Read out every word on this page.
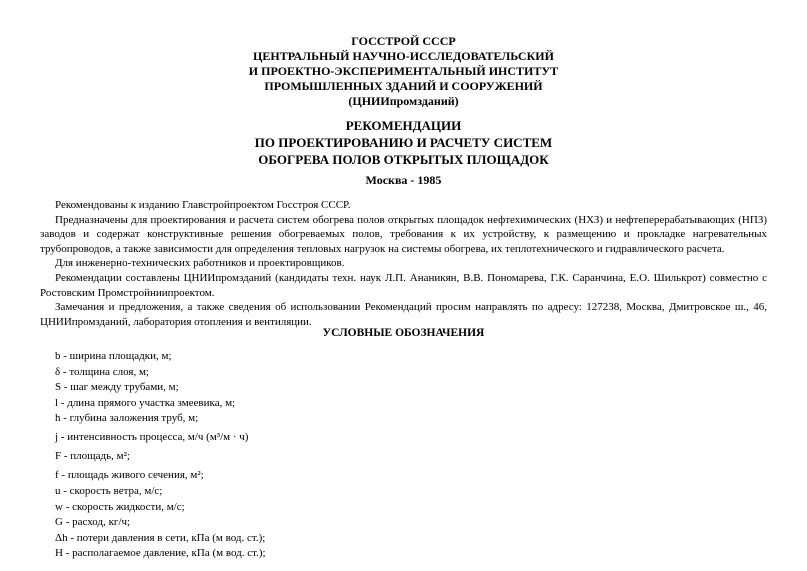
ГОССТРОЙ СССР
ЦЕНТРАЛЬНЫЙ НАУЧНО-ИССЛЕДОВАТЕЛЬСКИЙ
И ПРОЕКТНО-ЭКСПЕРИМЕНТАЛЬНЫЙ ИНСТИТУТ
ПРОМЫШЛЕННЫХ ЗДАНИЙ И СООРУЖЕНИЙ
(ЦНИИпромзданий)
РЕКОМЕНДАЦИИ
ПО ПРОЕКТИРОВАНИЮ И РАСЧЕТУ СИСТЕМ
ОБОГРЕВА ПОЛОВ ОТКРЫТЫХ ПЛОЩАДОК
Москва - 1985

Рекомендованы к изданию Главстройпроектом Госстроя СССР.

Предназначены для проектирования и расчета систем обогрева полов открытых площадок нефтехимических (НХЗ) и нефтеперерабатывающих (НПЗ) заводов и содержат конструктивные решения обогреваемых полов, требования к их устройству, к размещению и прокладке нагревательных трубопроводов, а также зависимости для определения тепловых нагрузок на системы обогрева, их теплотехнического и гидравлического расчета.

Для инженерно-технических работников и проектировщиков.

Рекомендации составлены ЦНИИпромзданий (кандидаты техн. наук Л.П. Ананикян, В.В. Пономарева, Г.К. Саранчина, Е.О. Шилькрот) совместно с Ростовским Промстройниипроектом.

Замечания и предложения, а также сведения об использовании Рекомендаций просим направлять по адресу: 127238, Москва, Дмитровское ш., 46, ЦНИИпромзданий, лаборатория отопления и вентиляции.

УСЛОВНЫЕ ОБОЗНАЧЕНИЯ
b - ширина площадки, м;
δ - толщина слоя, м;
S - шаг между трубами, м;
l - длина прямого участка змеевика, м;
h - глубина заложения труб, м;
j - интенсивность процесса, м/ч (м³/м · ч)
F - площадь, м²;
f - площадь живого сечения, м²;
u - скорость ветра, м/с;
w - скорость жидкости, м/с;
G - расход, кг/ч;
Δh - потери давления в сети, кПа (м вод. ст.);
H - располагаемое давление, кПа (м вод. ст.);
